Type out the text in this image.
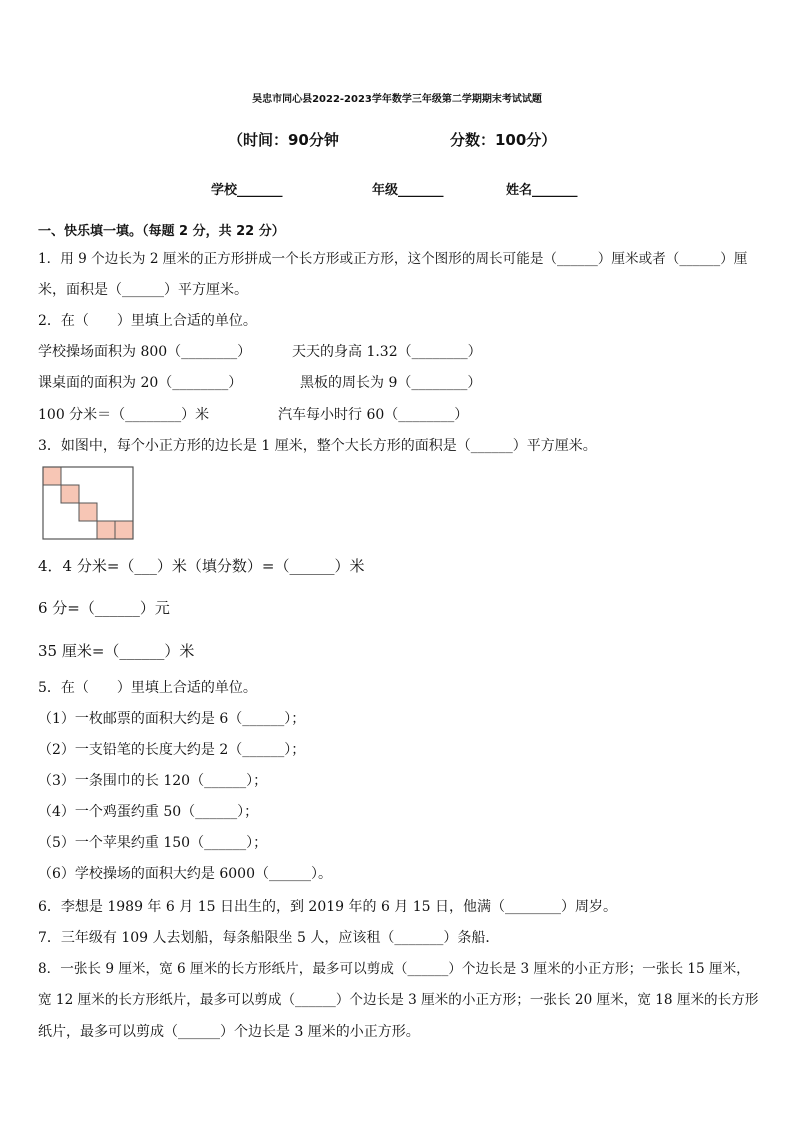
吴忠市同心县2022-2023学年数学三年级第二学期期末考试试题
（时间：90分钟	分数：100分）
学校_______	年级_______	姓名_______
一、快乐填一填。（每题 2 分，共 22 分）
1．用 9 个边长为 2 厘米的正方形拼成一个长方形或正方形，这个图形的周长可能是（______）厘米或者（______）厘
米，面积是（______）平方厘米。
2．在（　　）里填上合适的单位。
学校操场面积为 800（________）	天天的身高 1.32（________）
课桌面的面积为 20（________）	黑板的周长为 9（________）
100 分米＝（________）米	汽车每小时行 60（________）
3．如图中，每个小正方形的边长是 1 厘米，整个大长方形的面积是（______）平方厘米。
4．4 分米=（___）米（填分数）=（______）米
6 分=（______）元
35 厘米=（______）米
5．在（　　）里填上合适的单位。
（1）一枚邮票的面积大约是 6（______）；
（2）一支铅笔的长度大约是 2（______）；
（3）一条围巾的长 120（______）；
（4）一个鸡蛋约重 50（______）；
（5）一个苹果约重 150（______）；
（6）学校操场的面积大约是 6000（______）。
6．李想是 1989 年 6 月 15 日出生的，到 2019 年的 6 月 15 日，他满（________）周岁。
7．三年级有 109 人去划船，每条船限坐 5 人，应该租（_______）条船．
8．一张长 9 厘米，宽 6 厘米的长方形纸片，最多可以剪成（______）个边长是 3 厘米的小正方形；一张长 15 厘米，
宽 12 厘米的长方形纸片，最多可以剪成（______）个边长是 3 厘米的小正方形；一张长 20 厘米，宽 18 厘米的长方形
纸片，最多可以剪成（______）个边长是 3 厘米的小正方形。
